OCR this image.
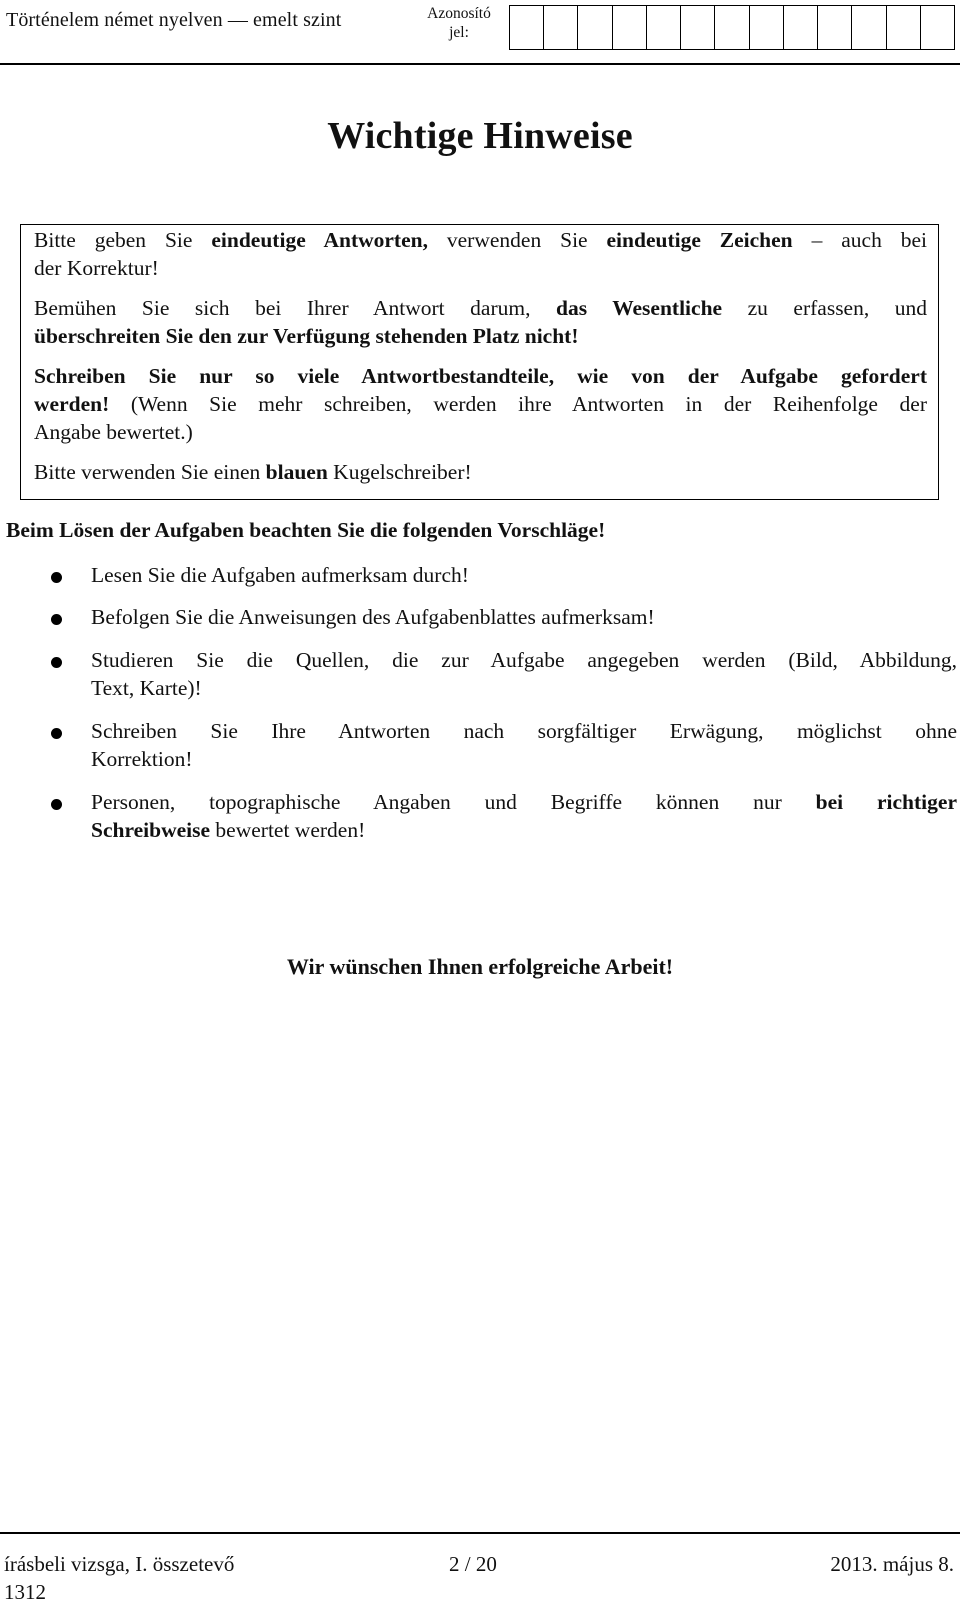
Történelem német nyelven — emelt szint	Azonosító
jel:
Wichtige Hinweise
Bitte geben Sie eindeutige Antworten, verwenden Sie eindeutige Zeichen – auch bei
der Korrektur!
Bemühen Sie sich bei Ihrer Antwort darum, das Wesentliche zu erfassen, und
überschreiten Sie den zur Verfügung stehenden Platz nicht!
Schreiben Sie nur so viele Antwortbestandteile, wie von der Aufgabe gefordert
werden! (Wenn Sie mehr schreiben, werden ihre Antworten in der Reihenfolge der
Angabe bewertet.)
Bitte verwenden Sie einen blauen Kugelschreiber!
Beim Lösen der Aufgaben beachten Sie die folgenden Vorschläge!
Lesen Sie die Aufgaben aufmerksam durch!
Befolgen Sie die Anweisungen des Aufgabenblattes aufmerksam!
Studieren Sie die Quellen, die zur Aufgabe angegeben werden (Bild, Abbildung,
Text, Karte)!
Schreiben Sie Ihre Antworten nach sorgfältiger Erwägung, möglichst ohne
Korrektion!
Personen, topographische Angaben und Begriffe können nur bei richtiger
Schreibweise bewertet werden!
Wir wünschen Ihnen erfolgreiche Arbeit!
írásbeli vizsga, I. összetevő	2 / 20	2013. május 8.
1312
